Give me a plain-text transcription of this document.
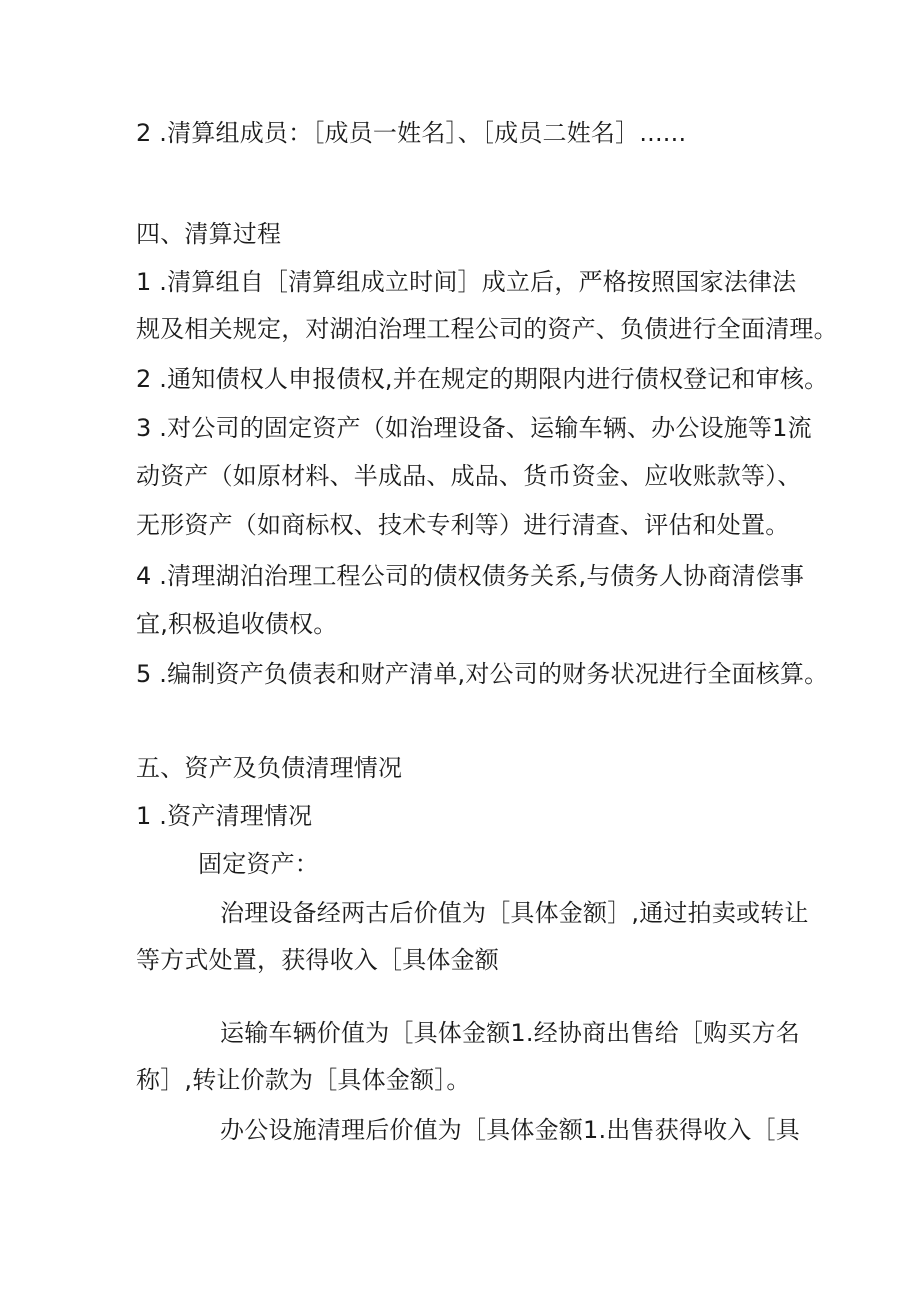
2 .清算组成员：［成员一姓名］、［成员二姓名］......
四、清算过程
1 .清算组自［清算组成立时间］成立后，严格按照国家法律法
规及相关规定，对湖泊治理工程公司的资产、负债进行全面清理。
2 .通知债权人申报债权,并在规定的期限内进行债权登记和审核。
3 .对公司的固定资产（如治理设备、运输车辆、办公设施等1流
动资产（如原材料、半成品、成品、货币资金、应收账款等）、
无形资产（如商标权、技术专利等）进行清查、评估和处置。
4 .清理湖泊治理工程公司的债权债务关系,与债务人协商清偿事
宜,积极追收债权。
5 .编制资产负债表和财产清单,对公司的财务状况进行全面核算。
五、资产及负债清理情况
1 .资产清理情况
固定资产：
治理设备经两古后价值为［具体金额］,通过拍卖或转让
等方式处置，获得收入［具体金额
运输车辆价值为［具体金额1.经协商出售给［购买方名
称］,转让价款为［具体金额］。
办公设施清理后价值为［具体金额1.出售获得收入［具
